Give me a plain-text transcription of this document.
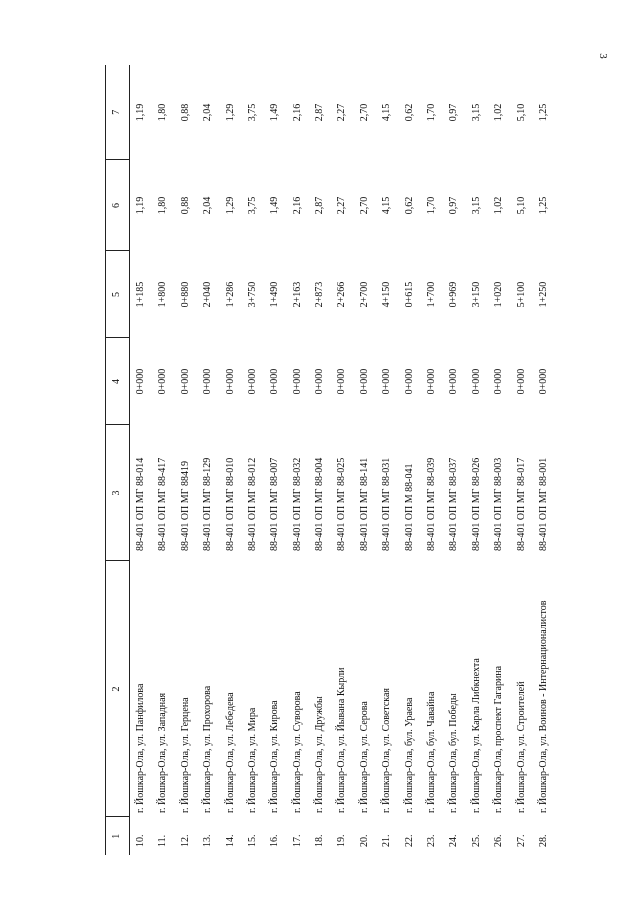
3
1	2	3	4	5	6	7
10.	г. Йошкар-Ола, ул. Панфилова	88-401 ОП МГ 88-014	0+000	1+185	1,19	1,19
11.	г. Йошкар-Ола, ул. Западная	88-401 ОП МГ 88-417	0+000	1+800	1,80	1,80
12.	г. Йошкар-Ола, ул. Герцена	88-401 ОП МГ 88419	0+000	0+880	0,88	0,88
13.	г. Йошкар-Ола, ул. Прохорова	88-401 ОП МГ 88-129	0+000	2+040	2,04	2,04
14.	г. Йошкар-Ола, ул. Лебедева	88-401 ОП МГ 88-010	0+000	1+286	1,29	1,29
15.	г. Йошкар-Ола, ул. Мира	88-401 ОП МГ 88-012	0+000	3+750	3,75	3,75
16.	г. Йошкар-Ола, ул. Кирова	88-401 ОП МГ 88-007	0+000	1+490	1,49	1,49
17.	г. Йошкар-Ола, ул. Суворова	88-401 ОП МГ 88-032	0+000	2+163	2,16	2,16
18.	г. Йошкар-Ола, ул. Дружбы	88-401 ОП МГ 88-004	0+000	2+873	2,87	2,87
19.	г. Йошкар-Ола, ул. Йывана Кырли	88-401 ОП МГ 88-025	0+000	2+266	2,27	2,27
20.	г. Йошкар-Ола, ул. Серова	88-401 ОП МГ 88-141	0+000	2+700	2,70	2,70
21.	г. Йошкар-Ола, ул. Советская	88-401 ОП МГ 88-031	0+000	4+150	4,15	4,15
22.	г. Йошкар-Ола, бул. Ураева	88-401 ОП М 88-041	0+000	0+615	0,62	0,62
23.	г. Йошкар-Ола, бул. Чавайна	88-401 ОП МГ 88-039	0+000	1+700	1,70	1,70
24.	г. Йошкар-Ола, бул. Победы	88-401 ОП МГ 88-037	0+000	0+969	0,97	0,97
25.	г. Йошкар-Ола, ул. Карла Либкнехта	88-401 ОП МГ 88-026	0+000	3+150	3,15	3,15
26.	г. Йошкар-Ола, проспект Гагарина	88-401 ОП МГ 88-003	0+000	1+020	1,02	1,02
27.	г. Йошкар-Ола, ул. Строителей	88-401 ОП МГ 88-017	0+000	5+100	5,10	5,10
28.	г. Йошкар-Ола, ул. Воинов - Интернационалистов	88-401 ОП МГ 88-001	0+000	1+250	1,25	1,25
